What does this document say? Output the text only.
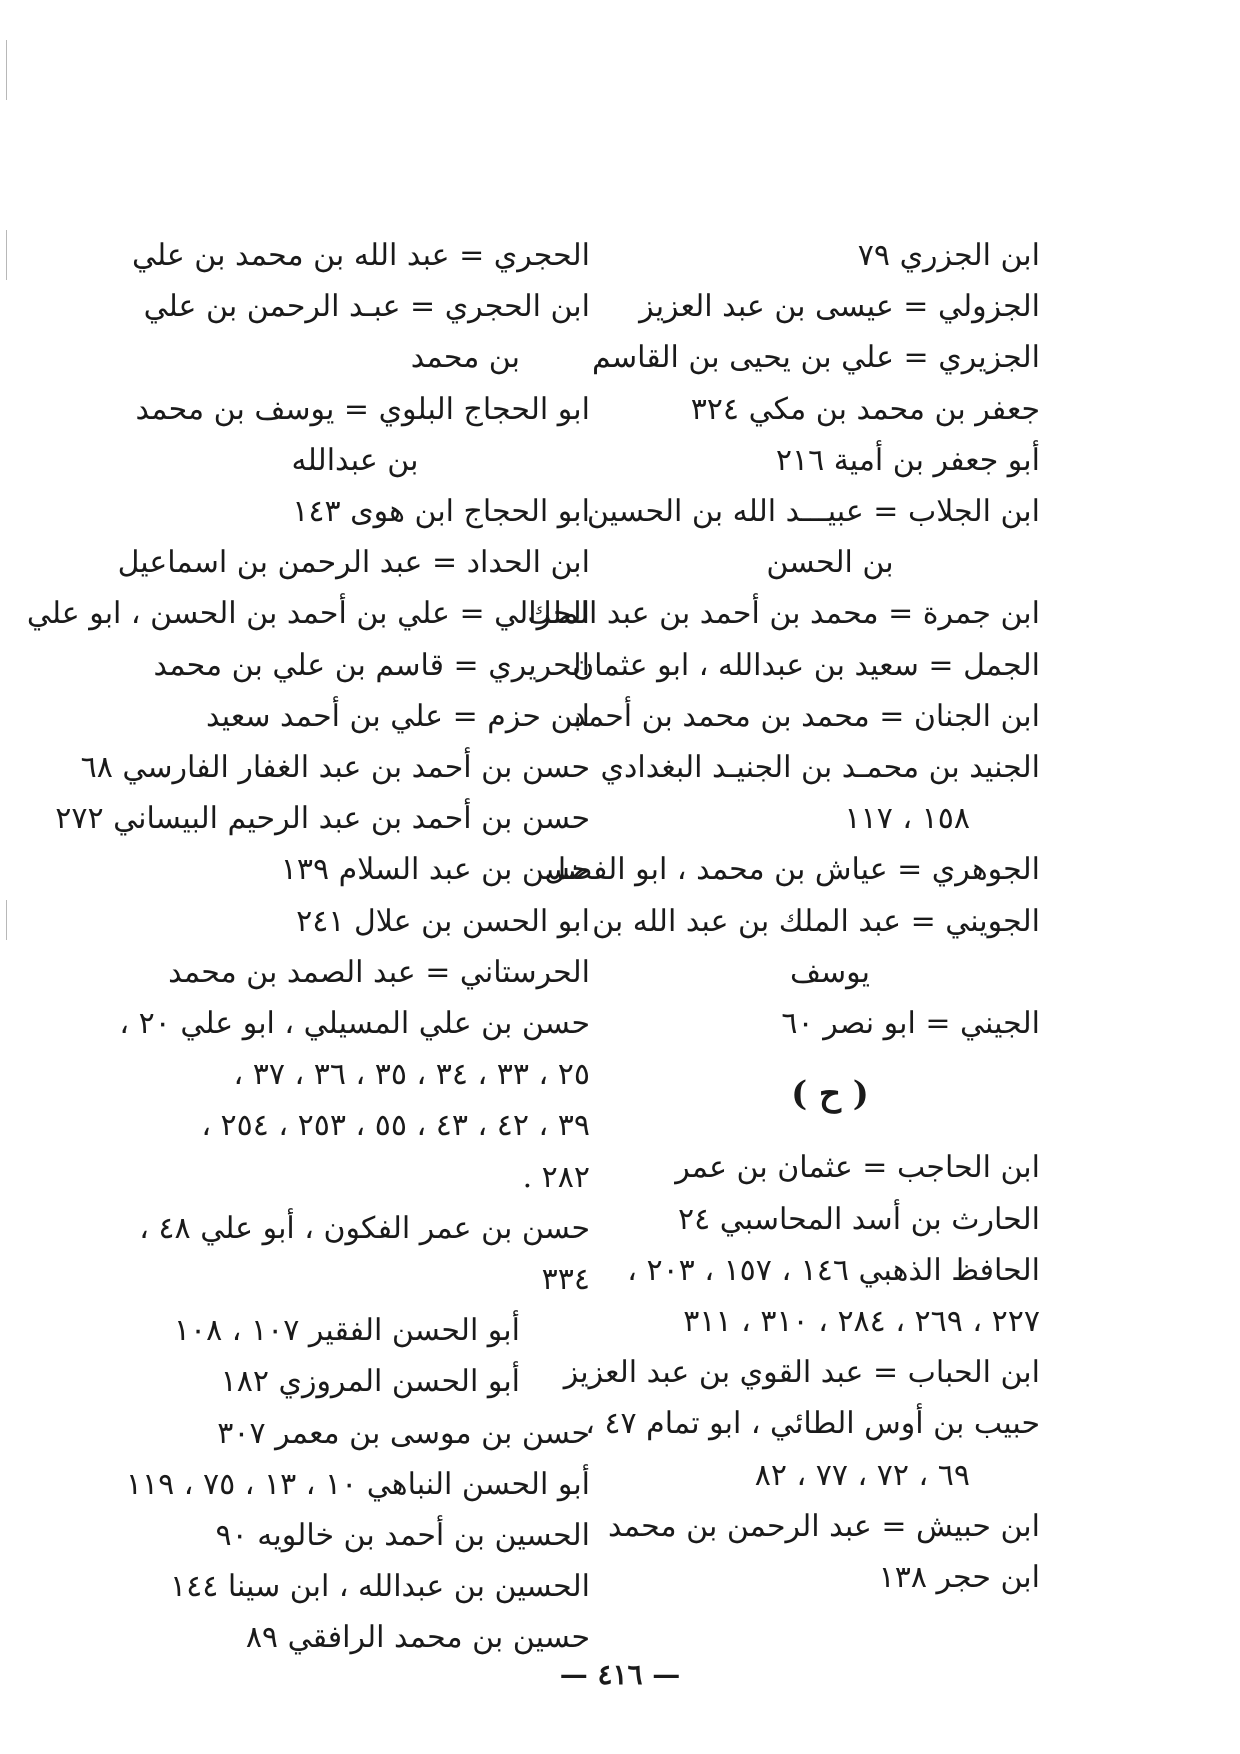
ابن الجزري ٧٩
الجزولي = عيسى بن عبد العزيز
الجزيري = علي بن يحيى بن القاسم
جعفر بن محمد بن مكي ٣٢٤
أبو جعفر بن أمية ٢١٦
ابن الجلاب = عبيـــد الله بن الحسين
بن الحسن
ابن جمرة = محمد بن أحمد بن عبد الملك
الجمل = سعيد بن عبدالله ، ابو عثمان
ابن الجنان = محمد بن محمد بن أحمد
الجنيد بن محمـد بن الجنيـد البغدادي
١٥٨ ، ١١٧
الجوهري = عياش بن محمد ، ابو الفضل
الجويني = عبد الملك بن عبد الله بن
يوسف
الجيني = ابو نصر ٦٠
( ح )
ابن الحاجب = عثمان بن عمر
الحارث بن أسد المحاسبي ٢٤
الحافظ الذهبي ١٤٦ ، ١٥٧ ، ٢٠٣ ،
٢٢٧ ، ٢٦٩ ، ٢٨٤ ، ٣١٠ ، ٣١١
ابن الحباب = عبد القوي بن عبد العزيز
حبيب بن أوس الطائي ، ابو تمام ٤٧ ،
٦٩ ، ٧٢ ، ٧٧ ، ٨٢
ابن حبيش = عبد الرحمن بن محمد
ابن حجر ١٣٨
الحجري = عبد الله بن محمد بن علي
ابن الحجري = عبـد الرحمن بن علي
بن محمد
ابو الحجاج البلوي = يوسف بن محمد
بن عبدالله
ابو الحجاج ابن هوى ١٤٣
ابن الحداد = عبد الرحمن بن اسماعيل
الحرالي = علي بن أحمد بن الحسن ، ابو علي
الحريري = قاسم بن علي بن محمد
ابن حزم = علي بن أحمد سعيد
حسن بن أحمد بن عبد الغفار الفارسي ٦٨
حسن بن أحمد بن عبد الرحيم البيساني ٢٧٢
حسن بن عبد السلام ١٣٩
ابو الحسن بن علال ٢٤١
الحرستاني = عبد الصمد بن محمد
حسن بن علي المسيلي ، ابو علي ٢٠ ،
٢٥ ، ٣٣ ، ٣٤ ، ٣٥ ، ٣٦ ، ٣٧ ،
٣٩ ، ٤٢ ، ٤٣ ، ٥٥ ، ٢٥٣ ، ٢٥٤ ،
٢٨٢ .
حسن بن عمر الفكون ، أبو علي ٤٨ ،
٣٣٤
أبو الحسن الفقير ١٠٧ ، ١٠٨
أبو الحسن المروزي ١٨٢
حسن بن موسى بن معمر ٣٠٧
أبو الحسن النباهي ١٠ ، ١٣ ، ٧٥ ، ١١٩
الحسين بن أحمد بن خالويه ٩٠
الحسين بن عبدالله ، ابن سينا ١٤٤
حسين بن محمد الرافقي ٨٩
— ٤١٦ —
